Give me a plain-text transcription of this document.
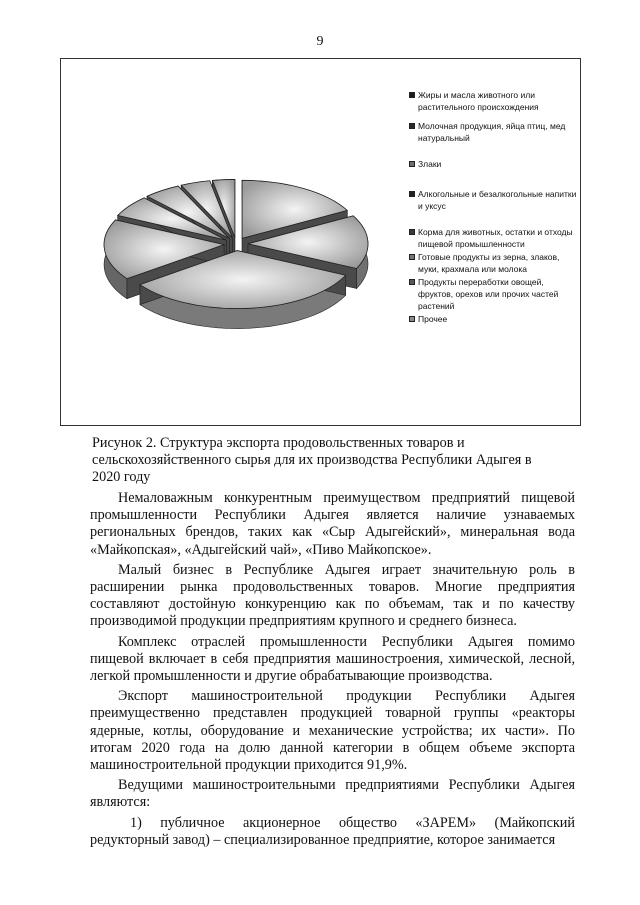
9
Жиры и масла животного или растительного происхождения
Молочная продукция, яйца птиц, мед натуральный
Злаки
Алкогольные и безалкогольные напитки и уксус
Корма для животных, остатки и отходы пищевой промышленности
Готовые продукты из зерна, злаков, муки, крахмала или молока
Продукты переработки овощей, фруктов, орехов или прочих частей растений
Прочее
Рисунок 2. Структура экспорта продовольственных товаров и сельскохозяйственного сырья для их производства Республики Адыгея в 2020 году

Немаловажным конкурентным преимуществом предприятий пищевой промышленности Республики Адыгея является наличие узнаваемых региональных брендов, таких как «Сыр Адыгейский», минеральная вода «Майкопская», «Адыгейский чай», «Пиво Майкопское».

Малый бизнес в Республике Адыгея играет значительную роль в расширении рынка продовольственных товаров. Многие предприятия составляют достойную конкуренцию как по объемам, так и по качеству производимой продукции предприятиям крупного и среднего бизнеса.

Комплекс отраслей промышленности Республики Адыгея помимо пищевой включает в себя предприятия машиностроения, химической, лесной, легкой промышленности и другие обрабатывающие производства.

Экспорт машиностроительной продукции Республики Адыгея преимущественно представлен продукцией товарной группы «реакторы ядерные, котлы, оборудование и механические устройства; их части». По итогам 2020 года на долю данной категории в общем объеме экспорта машиностроительной продукции приходится 91,9%.

Ведущими машиностроительными предприятиями Республики Адыгея являются:

1) публичное акционерное общество «ЗАРЕМ» (Майкопский редукторный завод) – специализированное предприятие, которое занимается
